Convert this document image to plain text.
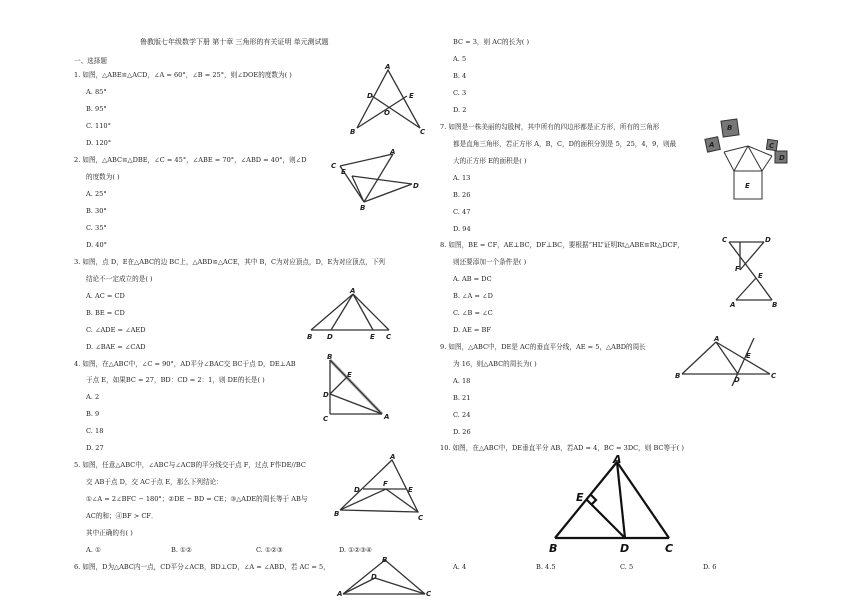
鲁教版七年级数学下册 第十章 三角形的有关证明 单元测试题
一、选择题
1. 如图，△ABE≌△ACD，∠A = 60°，∠B = 25°，则∠DOE的度数为( )
A. 85°
B. 95°
C. 110°
D. 120°
2. 如图，△ABC≌△DBE，∠C = 45°，∠ABE = 70°，∠ABD = 40°，则∠D
的度数为( )
A. 25°
B. 30°
C. 35°
D. 40°
3. 如图，点 D，E在△ABC的边 BC上，△ABD≌△ACE，其中 B，C为对应顶点，D，E为对应顶点，下列
结论不一定成立的是( )
A. AC = CD
B. BE = CD
C. ∠ADE = ∠AED
D. ∠BAE = ∠CAD
4. 如图，在△ABC中，∠C = 90°，AD平分∠BAC交 BC于点 D，DE⊥AB
于点 E，如果BC = 27，BD：CD = 2：1，则 DE的长是( )
A. 2
B. 9
C. 18
D. 27
5. 如图，任意△ABC中，∠ABC与∠ACB的平分线交于点 F，过点 F作DE//BC
交 AB于点 D，交 AC于点 E，那么下列结论：
①∠A = 2∠BFC − 180°；②DE − BD = CE；③△ADE的周长等于 AB与
AC的和；④BF > CF．
其中正确的有( )
A. ①	B. ①②	C. ①②③	D. ①②③④
6. 如图，D为△ABC内一点，CD平分∠ACB，BD⊥CD，∠A = ∠ABD，若 AC = 5，
BC = 3，则 AC的长为( )
A. 5
B. 4
C. 3
D. 2
7. 如图是一株美丽的勾股树，其中所有的四边形都是正方形，所有的三角形
都是直角三角形，若正方形 A，B，C，D的面积分别是 5，25，4，9，则最
大的正方形 E的面积是( )
A. 13
B. 26
C. 47
D. 94
8. 如图，BE = CF，AE⊥BC，DF⊥BC，要根据“HL”证明Rt△ABE≌Rt△DCF，
则还要添加一个条件是( )
A. AB = DC
B. ∠A = ∠D
C. ∠B = ∠C
D. AE = BF
9. 如图，△ABC中，DE是 AC的垂直平分线，AE = 5，△ABD的周长
为 16，则△ABC的周长为( )
A. 18
B. 21
C. 24
D. 26
10. 如图，在△ABC中，DE垂直平分 AB，若AD = 4，BC = 3DC，则 BC等于( )
A. 4	B. 4.5	C. 5	D. 6
A
D	E
O
B	C
A
E
C
B
D
A
B D	E C
B
E
D
C	A
A
D
F
E
B	C
B
D
A	C
B
A	C
D
E
C	D
F
E
A	B
A
E
B	D	C
A
E
B	D	C
